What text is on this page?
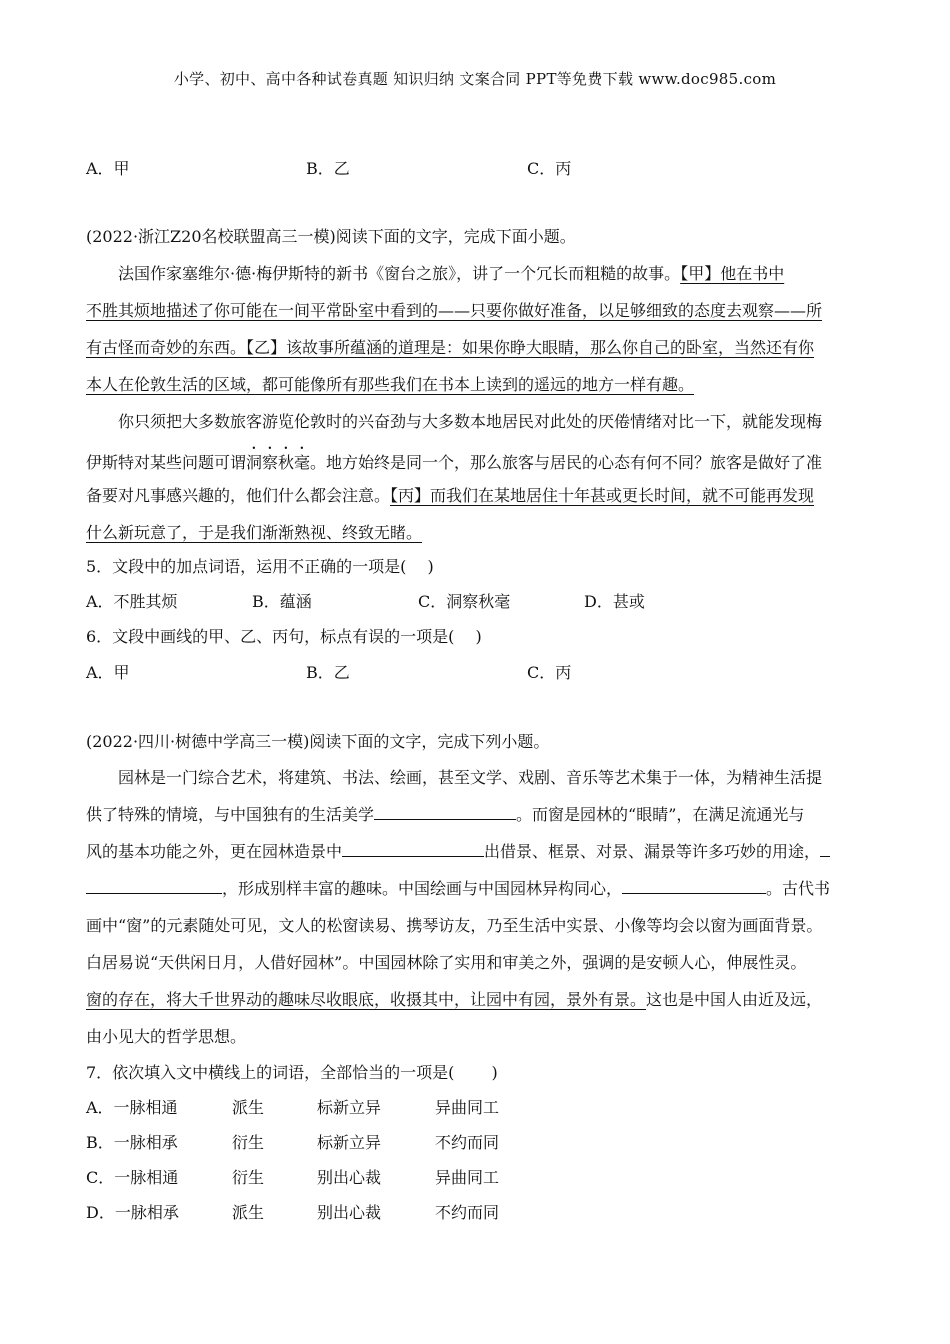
小学、初中、高中各种试卷真题 知识归纳 文案合同 PPT等免费下载 www.doc985.com
A．甲	B．乙	C．丙
(2022·浙江Z20名校联盟高三一模)阅读下面的文字，完成下面小题。
法国作家塞维尔·德·梅伊斯特的新书《窗台之旅》，讲了一个冗长而粗糙的故事。【甲】他在书中
不胜其烦地描述了你可能在一间平常卧室中看到的——只要你做好准备，以足够细致的态度去观察——所
有古怪而奇妙的东西。【乙】该故事所蕴涵的道理是：如果你睁大眼睛，那么你自己的卧室，当然还有你
本人在伦敦生活的区域，都可能像所有那些我们在书本上读到的遥远的地方一样有趣。
你只须把大多数旅客游览伦敦时的兴奋劲与大多数本地居民对此处的厌倦情绪对比一下，就能发现梅
伊斯特对某些问题可谓洞察秋毫。地方始终是同一个，那么旅客与居民的心态有何不同？旅客是做好了准
备要对凡事感兴趣的，他们什么都会注意。【丙】而我们在某地居住十年甚或更长时间，就不可能再发现
什么新玩意了，于是我们渐渐熟视、终致无睹。
5．文段中的加点词语，运用不正确的一项是(　 )
A．不胜其烦	B．蕴涵	C．洞察秋毫	D．甚或
6．文段中画线的甲、乙、丙句，标点有误的一项是(　 )
A．甲	B．乙	C．丙
(2022·四川·树德中学高三一模)阅读下面的文字，完成下列小题。
园林是一门综合艺术，将建筑、书法、绘画，甚至文学、戏剧、音乐等艺术集于一体，为精神生活提
供了特殊的情境，与中国独有的生活美学	。而窗是园林的“眼睛”，在满足流通光与
风的基本功能之外，更在园林造景中	出借景、框景、对景、漏景等许多巧妙的用途，
，形成别样丰富的趣味。中国绘画与中国园林异构同心，	。古代书
画中“窗”的元素随处可见，文人的松窗读易、携琴访友，乃至生活中实景、小像等均会以窗为画面背景。
白居易说“天供闲日月，人借好园林”。中国园林除了实用和审美之外，强调的是安顿人心，伸展性灵。
窗的存在，将大千世界动的趣味尽收眼底，收摄其中，让园中有园，景外有景。这也是中国人由近及远，
由小见大的哲学思想。
7．依次填入文中横线上的词语，全部恰当的一项是(　 　)
A．一脉相通	派生	标新立异	异曲同工
B．一脉相承	衍生	标新立异	不约而同
C．一脉相通	衍生	别出心裁	异曲同工
D．一脉相承	派生	别出心裁	不约而同
